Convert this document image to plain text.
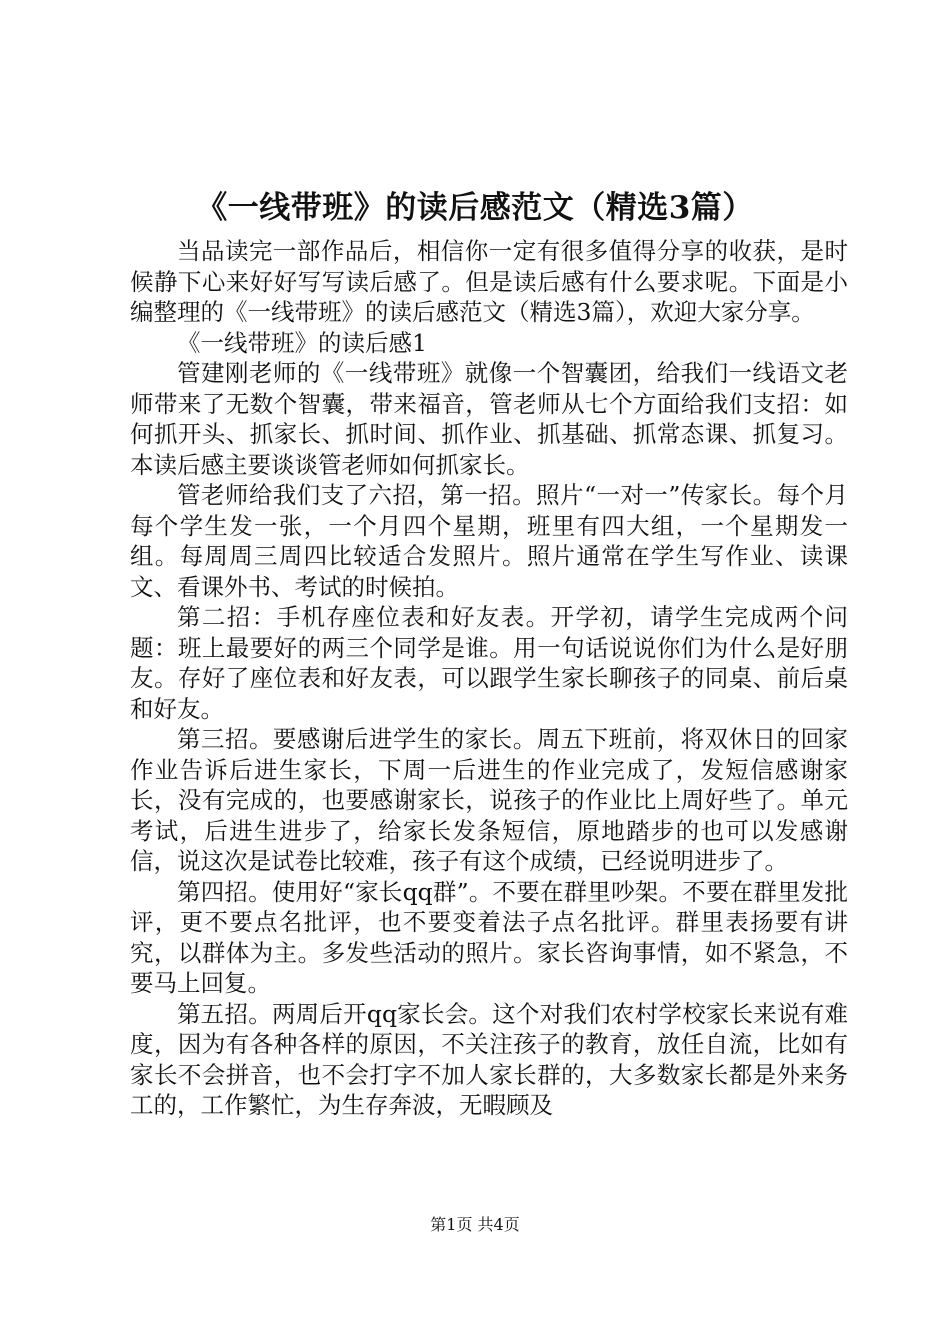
《一线带班》的读后感范文（精选3篇）

当品读完一部作品后，相信你一定有很多值得分享的收获，是时候静下心来好好写写读后感了。但是读后感有什么要求呢。下面是小编整理的《一线带班》的读后感范文（精选3篇），欢迎大家分享。

《一线带班》的读后感1

管建刚老师的《一线带班》就像一个智囊团，给我们一线语文老师带来了无数个智囊，带来福音，管老师从七个方面给我们支招：如何抓开头、抓家长、抓时间、抓作业、抓基础、抓常态课、抓复习。本读后感主要谈谈管老师如何抓家长。

管老师给我们支了六招，第一招。照片“一对一”传家长。每个月每个学生发一张，一个月四个星期，班里有四大组，一个星期发一组。每周周三周四比较适合发照片。照片通常在学生写作业、读课文、看课外书、考试的时候拍。

第二招：手机存座位表和好友表。开学初，请学生完成两个问题：班上最要好的两三个同学是谁。用一句话说说你们为什么是好朋友。存好了座位表和好友表，可以跟学生家长聊孩子的同桌、前后桌和好友。

第三招。要感谢后进学生的家长。周五下班前，将双休日的回家作业告诉后进生家长，下周一后进生的作业完成了，发短信感谢家长，没有完成的，也要感谢家长，说孩子的作业比上周好些了。单元考试，后进生进步了，给家长发条短信，原地踏步的也可以发感谢信，说这次是试卷比较难，孩子有这个成绩，已经说明进步了。

第四招。使用好“家长qq群”。不要在群里吵架。不要在群里发批评，更不要点名批评，也不要变着法子点名批评。群里表扬要有讲究，以群体为主。多发些活动的照片。家长咨询事情，如不紧急，不要马上回复。

第五招。两周后开qq家长会。这个对我们农村学校家长来说有难度，因为有各种各样的原因，不关注孩子的教育，放任自流，比如有家长不会拼音，也不会打字不加人家长群的，大多数家长都是外来务工的，工作繁忙，为生存奔波，无暇顾及

第1页 共4页
